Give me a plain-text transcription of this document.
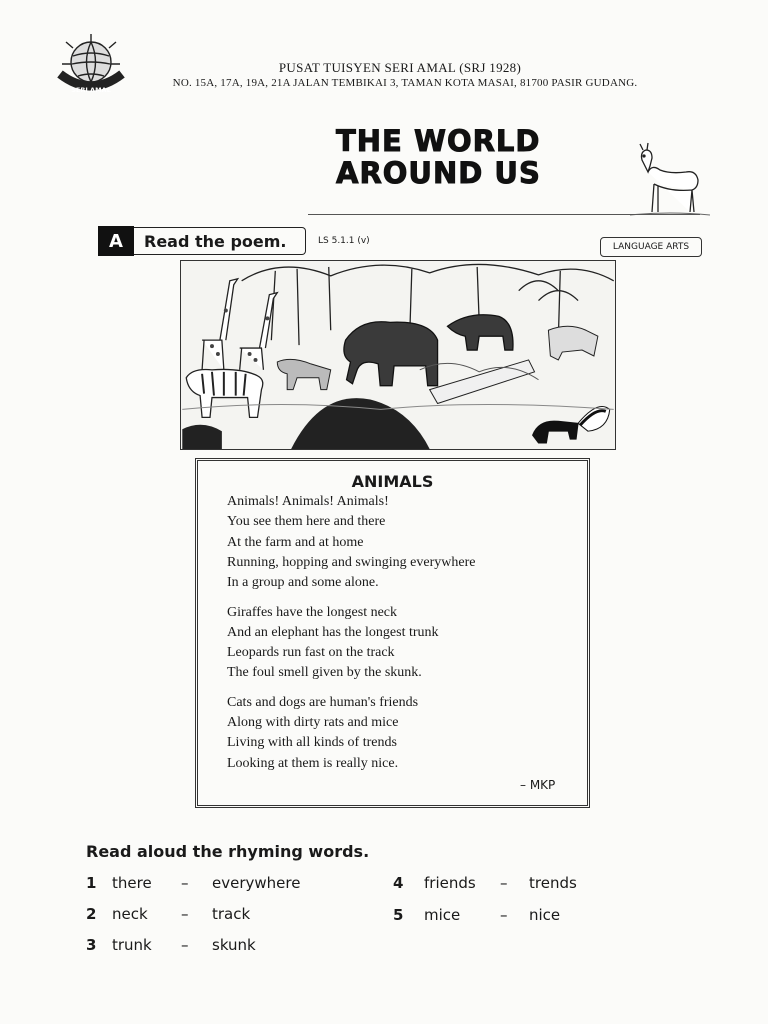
SERI AMAL
PUSAT TUISYEN SERI AMAL (SRJ 1928)
NO. 15A, 17A, 19A, 21A JALAN TEMBIKAI 3, TAMAN KOTA MASAI, 81700 PASIR GUDANG.
THE WORLD
AROUND US
A	Read the poem.	LS 5.1.1 (v)
LANGUAGE ARTS
ANIMALS
Animals! Animals! Animals!
You see them here and there
At the farm and at home
Running, hopping and swinging everywhere
In a group and some alone.
Giraffes have the longest neck
And an elephant has the longest trunk
Leopards run fast on the track
The foul smell given by the skunk.
Cats and dogs are human's friends
Along with dirty rats and mice
Living with all kinds of trends
Looking at them is really nice.
– MKP
Read aloud the rhyming words.
1 there – everywhere
2 neck – track
3 trunk – skunk
4 friends – trends
5 mice	– nice
